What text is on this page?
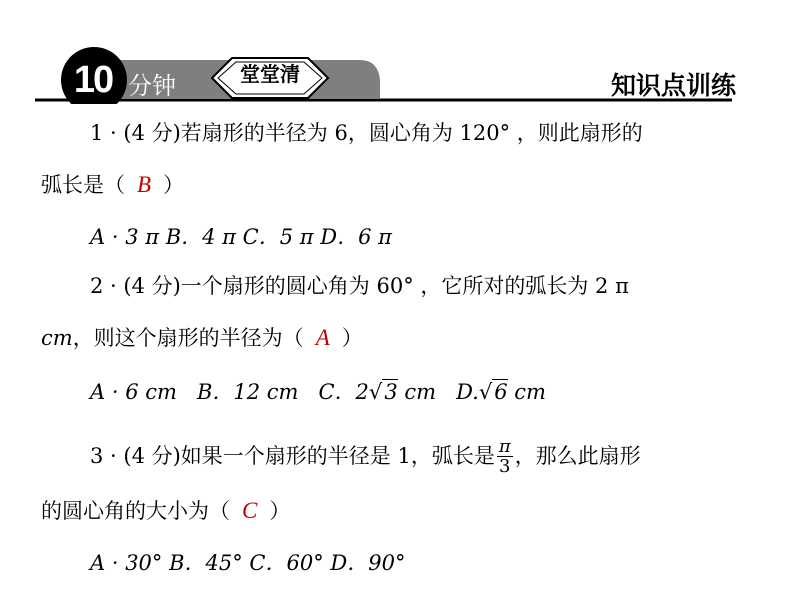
10 分钟	堂堂清	知识点训练
1 · (4 分)若扇形的半径为 6，圆心角为 120° ，则此扇形的
弧长是（ B ）
A · 3 π B．4 π C．5 π D．6 π
2 · (4 分)一个扇形的圆心角为 60° ，它所对的弧长为 2 π
cm，则这个扇形的半径为（ A ）
A · 6 cm B．12 cm C．2√3 cm D.√6 cm
3 · (4 分)如果一个扇形的半径是 1，弧长是 $\frac{\pi}{3}$ ，那么此扇形
的圆心角的大小为（ C ）
A · 30° B．45° C．60° D．90°
